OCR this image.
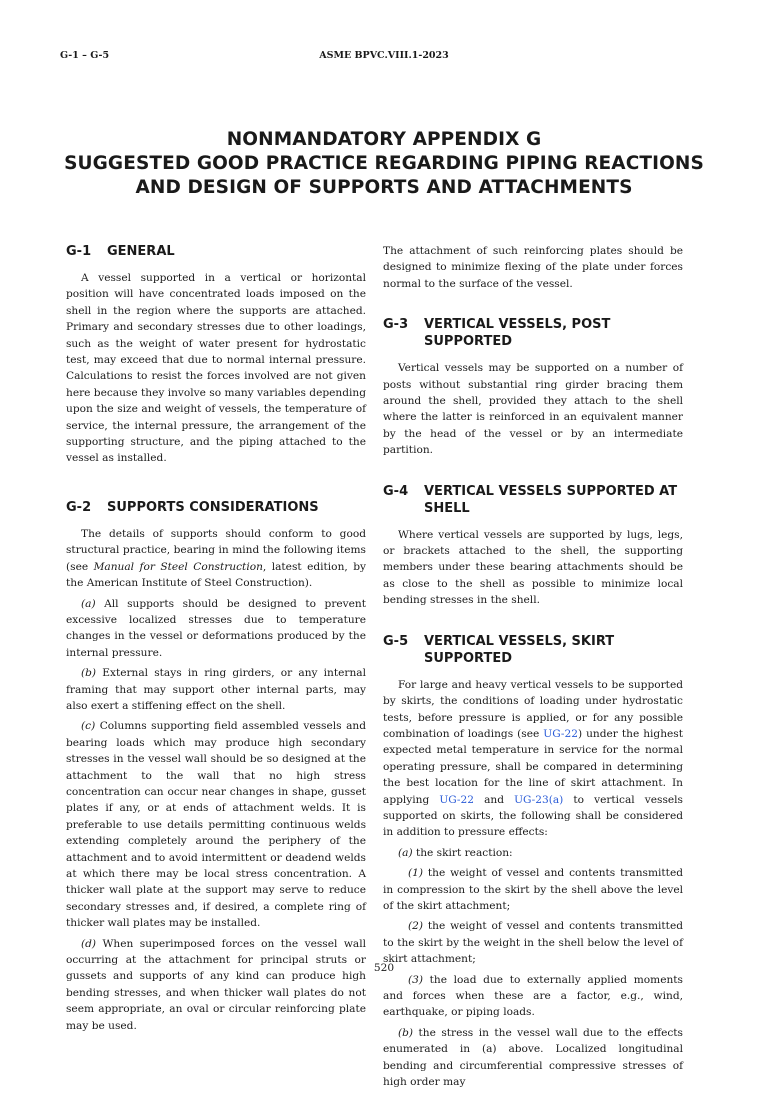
G-1 – G-5	ASME BPVC.VIII.1-2023
NONMANDATORY APPENDIX G
SUGGESTED GOOD PRACTICE REGARDING PIPING REACTIONS
AND DESIGN OF SUPPORTS AND ATTACHMENTS
G-1	GENERAL

A vessel supported in a vertical or horizontal position will have concentrated loads imposed on the shell in the region where the supports are attached. Primary and secondary stresses due to other loadings, such as the weight of water present for hydrostatic test, may exceed that due to normal internal pressure. Calculations to resist the forces involved are not given here because they involve so many variables depending upon the size and weight of vessels, the temperature of service, the internal pressure, the arrangement of the supporting structure, and the piping attached to the vessel as installed.

G-2	SUPPORTS CONSIDERATIONS

The details of supports should conform to good structural practice, bearing in mind the following items (see Manual for Steel Construction, latest edition, by the American Institute of Steel Construction).

(a) All supports should be designed to prevent excessive localized stresses due to temperature changes in the vessel or deformations produced by the internal pressure.

(b) External stays in ring girders, or any internal framing that may support other internal parts, may also exert a stiffening effect on the shell.

(c) Columns supporting field assembled vessels and bearing loads which may produce high secondary stresses in the vessel wall should be so designed at the attachment to the wall that no high stress concentration can occur near changes in shape, gusset plates if any, or at ends of attachment welds. It is preferable to use details permitting continuous welds extending completely around the periphery of the attachment and to avoid intermittent or deadend welds at which there may be local stress concentration. A thicker wall plate at the support may serve to reduce secondary stresses and, if desired, a complete ring of thicker wall plates may be installed.

(d) When superimposed forces on the vessel wall occurring at the attachment for principal struts or gussets and supports of any kind can produce high bending stresses, and when thicker wall plates do not seem appropriate, an oval or circular reinforcing plate may be used.

The attachment of such reinforcing plates should be designed to minimize flexing of the plate under forces normal to the surface of the vessel.

G-3	VERTICAL VESSELS, POST SUPPORTED

Vertical vessels may be supported on a number of posts without substantial ring girder bracing them around the shell, provided they attach to the shell where the latter is reinforced in an equivalent manner by the head of the vessel or by an intermediate partition.

G-4	VERTICAL VESSELS SUPPORTED AT SHELL

Where vertical vessels are supported by lugs, legs, or brackets attached to the shell, the supporting members under these bearing attachments should be as close to the shell as possible to minimize local bending stresses in the shell.

G-5	VERTICAL VESSELS, SKIRT SUPPORTED

For large and heavy vertical vessels to be supported by skirts, the conditions of loading under hydrostatic tests, before pressure is applied, or for any possible combination of loadings (see UG-22) under the highest expected metal temperature in service for the normal operating pressure, shall be compared in determining the best location for the line of skirt attachment. In applying UG-22 and UG-23(a) to vertical vessels supported on skirts, the following shall be considered in addition to pressure effects:

(a) the skirt reaction:

(1) the weight of vessel and contents transmitted in compression to the skirt by the shell above the level of the skirt attachment;

(2) the weight of vessel and contents transmitted to the skirt by the weight in the shell below the level of skirt attachment;

(3) the load due to externally applied moments and forces when these are a factor, e.g., wind, earthquake, or piping loads.

(b) the stress in the vessel wall due to the effects enumerated in (a) above. Localized longitudinal bending and circumferential compressive stresses of high order may

520
